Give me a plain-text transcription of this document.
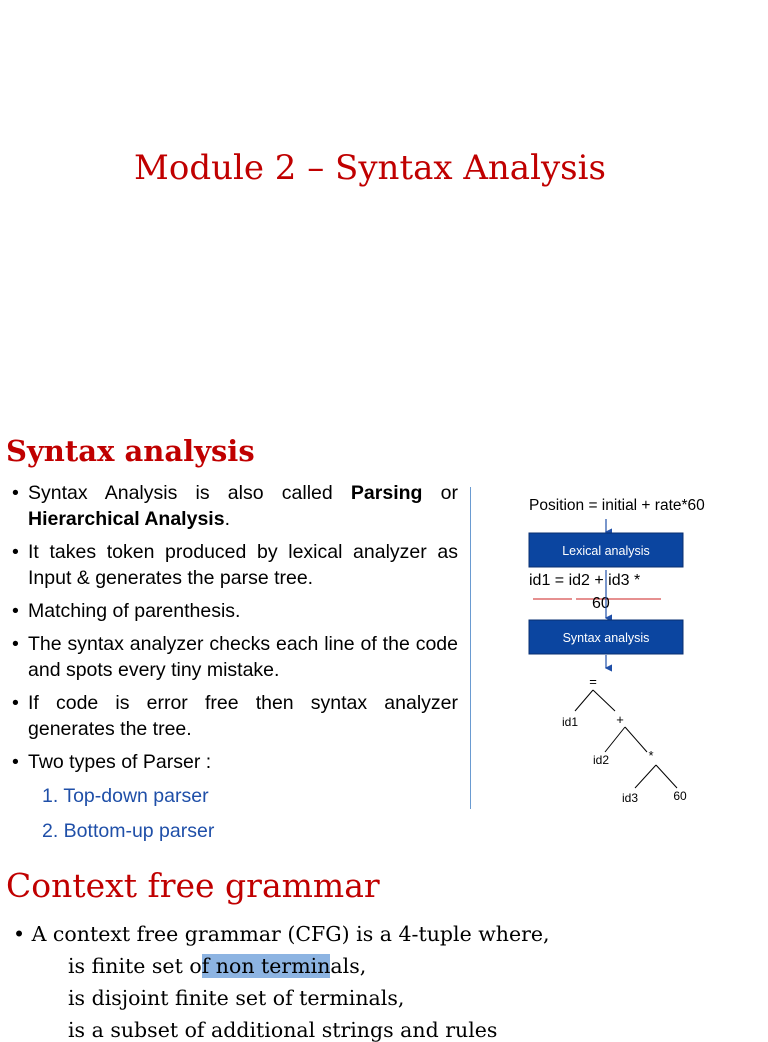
Module 2 – Syntax Analysis
Syntax analysis
• Syntax Analysis is also called Parsing or Hierarchical Analysis.
• It takes token produced by lexical analyzer as Input & generates the parse tree.
• Matching of parenthesis.
• The syntax analyzer checks each line of the code and spots every tiny mistake.
• If code is error free then syntax analyzer generates the tree.
• Two types of Parser :
1. Top-down parser
2. Bottom-up parser
Position = initial + rate*60
Lexical analysis
id1 = id2 + id3 *
60
Syntax analysis
=
id1	+
id2	*
id3	60
Context free grammar
• A context free grammar (CFG) is a 4-tuple where,
is finite set of non terminals,
is disjoint finite set of terminals,
is a subset of additional strings and rules
